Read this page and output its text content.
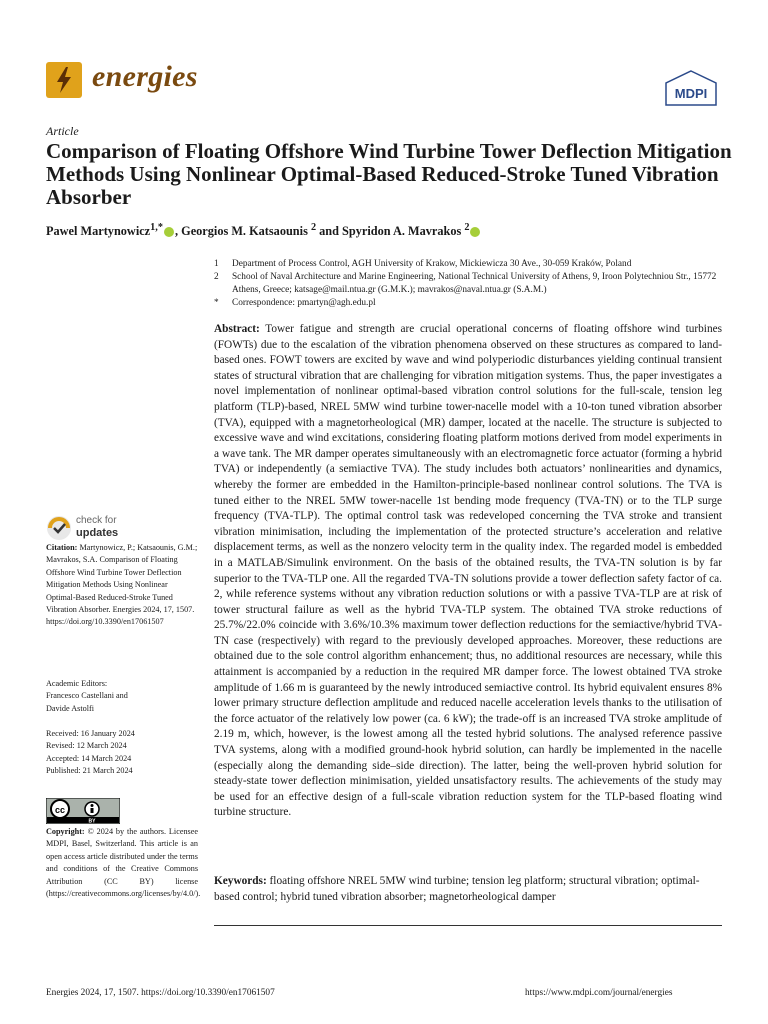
energies
MDPI
Article
Comparison of Floating Offshore Wind Turbine Tower Deflection Mitigation Methods Using Nonlinear Optimal-Based Reduced-Stroke Tuned Vibration Absorber
Pawel Martynowicz$^{1,*}$ , Georgios M. Katsaounis $^2$ and Spyridon A. Mavrakos $^2$
1	Department of Process Control, AGH University of Krakow, Mickiewicza 30 Ave., 30-059 Kraków, Poland
2	School of Naval Architecture and Marine Engineering, National Technical University of Athens, 9, Iroon Polytechniou Str., 15772 Athens, Greece; katsage@mail.ntua.gr (G.M.K.); mavrakos@naval.ntua.gr (S.A.M.)
*	Correspondence: pmartyn@agh.edu.pl
Abstract: Tower fatigue and strength are crucial operational concerns of floating offshore wind turbines (FOWTs) due to the escalation of the vibration phenomena observed on these structures as compared to land-based ones. FOWT towers are excited by wave and wind polyperiodic disturbances yielding continual transient states of structural vibration that are challenging for vibration mitigation systems. Thus, the paper investigates a novel implementation of nonlinear optimal-based vibration control solutions for the full-scale, tension leg platform (TLP)-based, NREL 5MW wind turbine tower-nacelle model with a 10-ton tuned vibration absorber (TVA), equipped with a magnetorheological (MR) damper, located at the nacelle. The structure is subjected to excessive wave and wind excitations, considering floating platform motions derived from model experiments in a wave tank. The MR damper operates simultaneously with an electromagnetic force actuator (forming a hybrid TVA) or independently (a semiactive TVA). The study includes both actuators’ nonlinearities and dynamics, whereby the former are embedded in the Hamilton-principle-based nonlinear control solutions. The TVA is tuned either to the NREL 5MW tower-nacelle 1st bending mode frequency (TVA-TN) or to the TLP surge frequency (TVA-TLP). The optimal control task was redeveloped concerning the TVA stroke and transient vibration minimisation, including the implementation of the protected structure’s acceleration and relative displacement terms, as well as the nonzero velocity term in the quality index. The regarded model is embedded in a MATLAB/Simulink environment. On the basis of the obtained results, the TVA-TN solution is by far superior to the TVA-TLP one. All the regarded TVA-TN solutions provide a tower deflection safety factor of ca. 2, while reference systems without any vibration reduction solutions or with a passive TVA-TLP are at risk of tower structural failure as well as the hybrid TVA-TLP system. The obtained TVA stroke reductions of 25.7%/22.0% coincide with 3.6%/10.3% maximum tower deflection reductions for the semiactive/hybrid TVA-TN case (respectively) with regard to the previously developed approaches. Moreover, these reductions are obtained due to the sole control algorithm enhancement; thus, no additional resources are necessary, while this attainment is accompanied by a reduction in the required MR damper force. The lowest obtained TVA stroke amplitude of 1.66 m is guaranteed by the newly introduced semiactive control. Its hybrid equivalent ensures 8% lower primary structure deflection amplitude and reduced nacelle acceleration levels thanks to the utilisation of the force actuator of the relatively low power (ca. 6 kW); the trade-off is an increased TVA stroke amplitude of 2.19 m, which, however, is the lowest among all the tested hybrid solutions. The analysed reference passive TVA systems, along with a modified ground-hook hybrid solution, can hardly be implemented in the nacelle (especially along the demanding side–side direction). The latter, being the well-proven hybrid solution for steady-state tower deflection minimisation, yielded unsatisfactory results. The achievements of the study may be used for an effective design of a full-scale vibration reduction system for the TLP-based floating wind turbine structure.
Keywords: floating offshore NREL 5MW wind turbine; tension leg platform; structural vibration; optimal-based control; hybrid tuned vibration absorber; magnetorheological damper
check for
updates
Citation: Martynowicz, P.; Katsaounis, G.M.; Mavrakos, S.A. Comparison of Floating Offshore Wind Turbine Tower Deflection Mitigation Methods Using Nonlinear Optimal-Based Reduced-Stroke Tuned Vibration Absorber. Energies 2024, 17, 1507. https://doi.org/10.3390/en17061507
Academic Editors:
Francesco Castellani and
Davide Astolfi
Received: 16 January 2024
Revised: 12 March 2024
Accepted: 14 March 2024
Published: 21 March 2024
cc
BY
Copyright: © 2024 by the authors. Licensee MDPI, Basel, Switzerland. This article is an open access article distributed under the terms and conditions of the Creative Commons Attribution (CC BY) license (https://creativecommons.org/licenses/by/4.0/).
Energies 2024, 17, 1507. https://doi.org/10.3390/en17061507	https://www.mdpi.com/journal/energies
